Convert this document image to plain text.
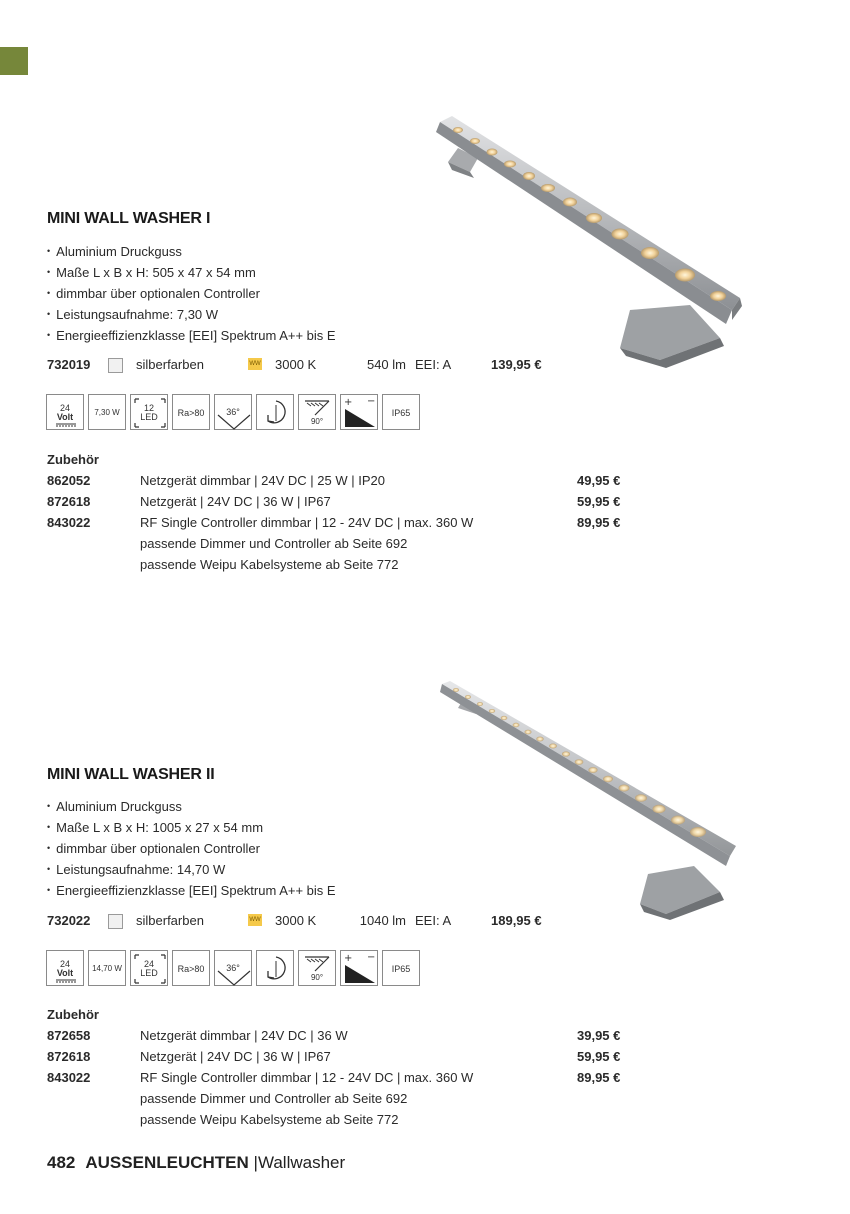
MINI WALL WASHER I
• Aluminium Druckguss
• Maße L x B x H: 505 x 47 x 54 mm
• dimmbar über optionalen Controller
• Leistungsaufnahme: 7,30 W
• Energieeffizienzklasse [EEI] Spektrum A++ bis E
732019	silberfarben	WW 3000 K	540 lm EEI: A	139,95 €
24
Volt	7,30 W	12
LED	Ra>80	36°
90°
+ −
IP65
Zubehör
862052	Netzgerät dimmbar | 24V DC | 25 W | IP20	49,95 €
872618	Netzgerät | 24V DC | 36 W | IP67	59,95 €
843022	RF Single Controller dimmbar | 12 - 24V DC | max. 360 W	89,95 €
passende Dimmer und Controller ab Seite 692
passende Weipu Kabelsysteme ab Seite 772
MINI WALL WASHER II
• Aluminium Druckguss
• Maße L x B x H: 1005 x 27 x 54 mm
• dimmbar über optionalen Controller
• Leistungsaufnahme: 14,70 W
• Energieeffizienzklasse [EEI] Spektrum A++ bis E
732022	silberfarben	WW 3000 K	1040 lm EEI: A	189,95 €
24
Volt	14,70 W	24
LED	Ra>80	36°
90°
+ −
IP65
Zubehör
872658	Netzgerät dimmbar | 24V DC | 36 W	39,95 €
872618	Netzgerät | 24V DC | 36 W | IP67	59,95 €
843022	RF Single Controller dimmbar | 12 - 24V DC | max. 360 W	89,95 €
passende Dimmer und Controller ab Seite 692
passende Weipu Kabelsysteme ab Seite 772
482 AUSSENLEUCHTEN |Wallwasher
